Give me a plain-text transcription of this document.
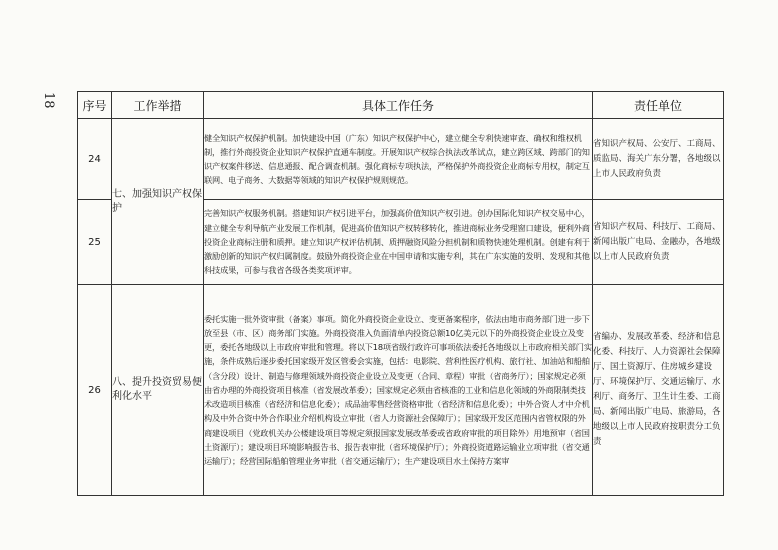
18 序号	工作举措	具体工作任务	责任单位
24	七、加强知识产权保护	健全知识产权保护机制。加快建设中国（广东）知识产权保护中心，建立健全专利快速审查、确权和维权机制，推行外商投资企业知识产权保护直通车制度。开展知识产权综合执法改革试点，建立跨区域、跨部门的知识产权案件移送、信息通报、配合调查机制。强化商标专项执法，严格保护外商投资企业商标专用权，制定互联网、电子商务、大数据等领域的知识产权保护规则规范。	省知识产权局、公安厅、工商局、质监局、海关广东分署，各地级以上市人民政府负责
25		完善知识产权服务机制。搭建知识产权引进平台，加强高价值知识产权引进。创办国际化知识产权交易中心，建立健全专利导航产业发展工作机制，促进高价值知识产权转移转化，推进商标业务受理窗口建设，便利外商投资企业商标注册和质押。建立知识产权评估机制、质押融资风险分担机制和质物快速处理机制。创建有利于激励创新的知识产权归属制度。鼓励外商投资企业在中国申请和实施专利，其在广东实施的发明、发现和其他科技成果，可参与我省各级各类奖项评审。	省知识产权局、科技厅、工商局、新闻出版广电局、金融办，各地级以上市人民政府负责
26	八、提升投资贸易便利化水平	委托实施一批外资审批（备案）事项。简化外商投资企业设立、变更备案程序，依法由地市商务部门进一步下放至县（市、区）商务部门实施。外商投资准入负面清单内投资总额10亿美元以下的外商投资企业设立及变更，委托各地级以上市政府审批和管理。将以下18项省级行政许可事项依法委托各地级以上市政府相关部门实施，条件成熟后逐步委托国家级开发区管委会实施，包括：电影院、营利性医疗机构、旅行社、加油站和船舶（含分段）设计、制造与修理领域外商投资企业设立及变更（合同、章程）审批（省商务厅）；国家规定必须由省办理的外商投资项目核准（省发展改革委）；国家规定必须由省核准的工业和信息化领域的外商限制类技术改造项目核准（省经济和信息化委）；成品油零售经营资格审批（省经济和信息化委）；中外合资人才中介机构及中外合资中外合作职业介绍机构设立审批（省人力资源社会保障厅）；国家级开发区范围内省管权限的外商建设项目（党政机关办公楼建设项目等规定须报国家发展改革委或省政府审批的项目除外）用地预审（省国土资源厅）；建设项目环境影响报告书、报告表审批（省环境保护厅）；外商投资道路运输业立项审批（省交通运输厅）；经营国际船舶管理业务审批（省交通运输厅）；生产建设项目水土保持方案审	省编办、发展改革委、经济和信息化委、科技厅、人力资源社会保障厅、国土资源厅、住房城乡建设厅、环境保护厅、交通运输厅、水利厅、商务厅、卫生计生委、工商局、新闻出版广电局、旅游局，各地级以上市人民政府按职责分工负责
